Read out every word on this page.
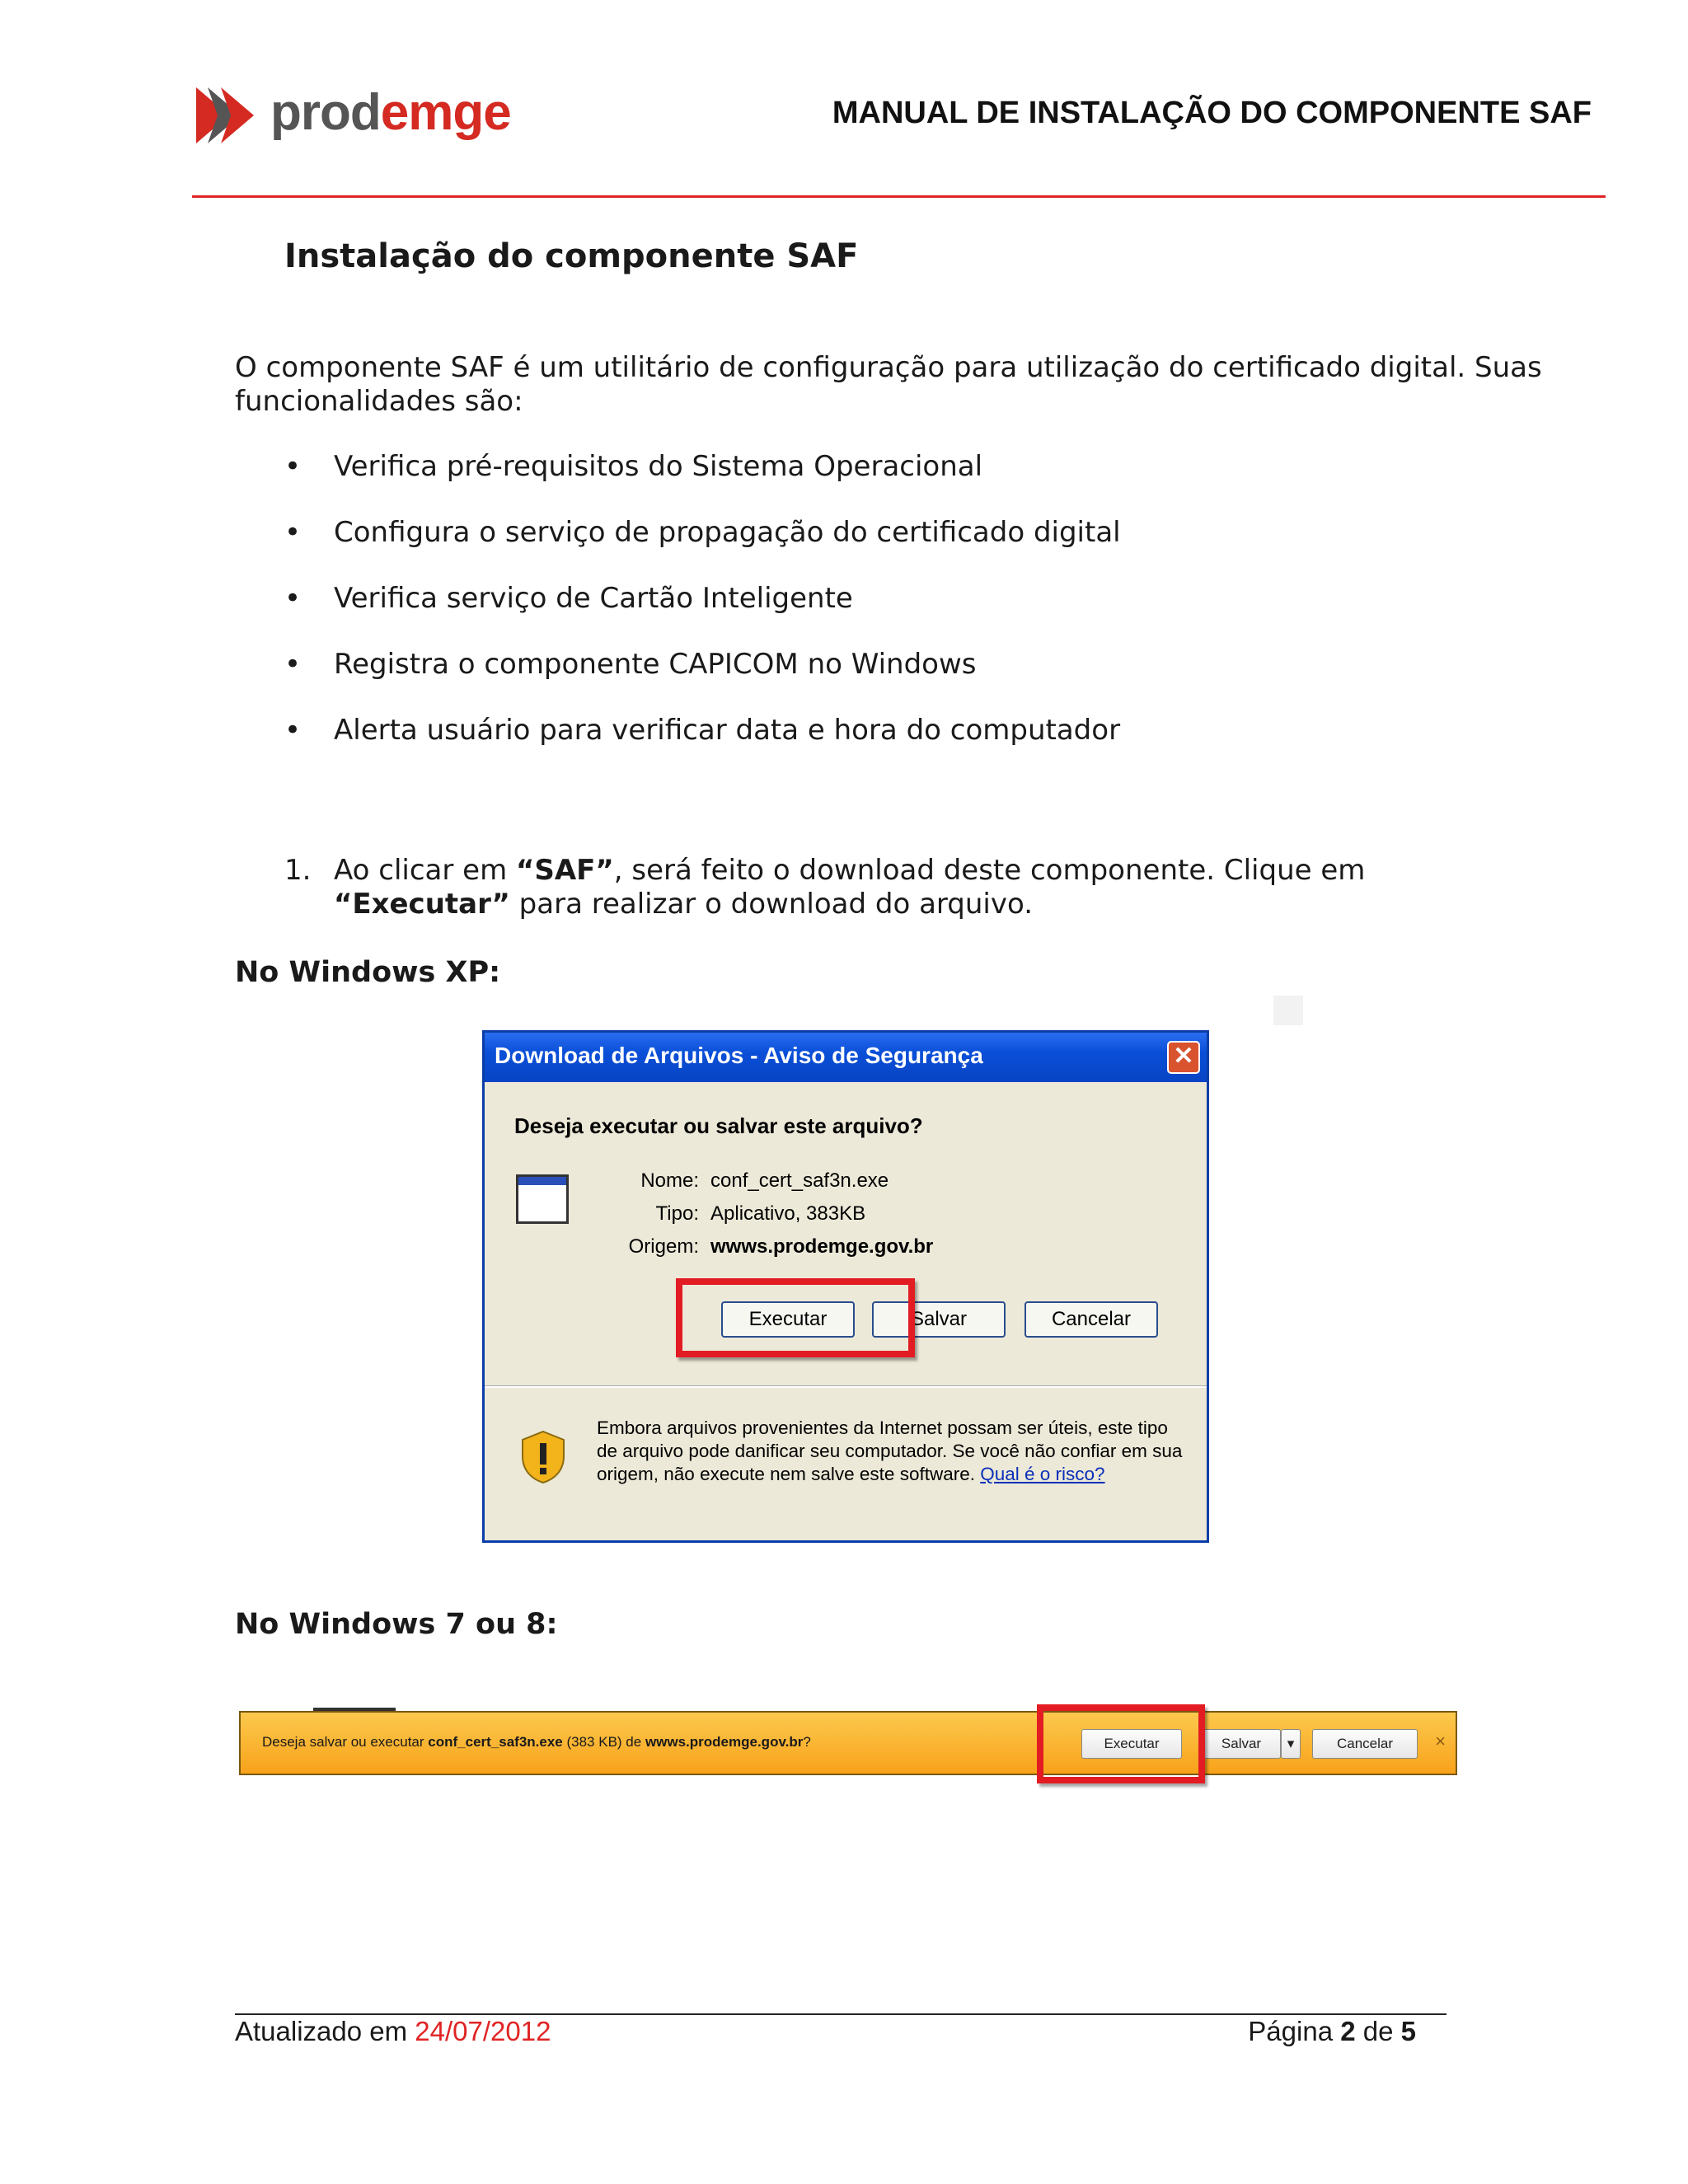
prodemge	MANUAL DE INSTALAÇÃO DO COMPONENTE SAF
Instalação do componente SAF
O componente SAF é um utilitário de configuração para utilização do certificado digital. Suas funcionalidades são:
• Verifica pré-requisitos do Sistema Operacional
• Configura o serviço de propagação do certificado digital
• Verifica serviço de Cartão Inteligente
• Registra o componente CAPICOM no Windows
• Alerta usuário para verificar data e hora do computador
1. Ao clicar em “SAF”, será feito o download deste componente. Clique em “Executar” para realizar o download do arquivo.
No Windows XP:
Download de Arquivos - Aviso de Segurança	✕
Deseja executar ou salvar este arquivo?
Nome: conf_cert_saf3n.exe
Tipo: Aplicativo, 383KB
Origem: wwws.prodemge.gov.br
Executar	Salvar	Cancelar
Embora arquivos provenientes da Internet possam ser úteis, este tipo de arquivo pode danificar seu computador. Se você não confiar em sua origem, não execute nem salve este software. Qual é o risco?
No Windows 7 ou 8:
Deseja salvar ou executar conf_cert_saf3n.exe (383 KB) de wwws.prodemge.gov.br?	Executar	Salvar	▾	Cancelar	×
Atualizado em 24/07/2012	Página 2 de 5
